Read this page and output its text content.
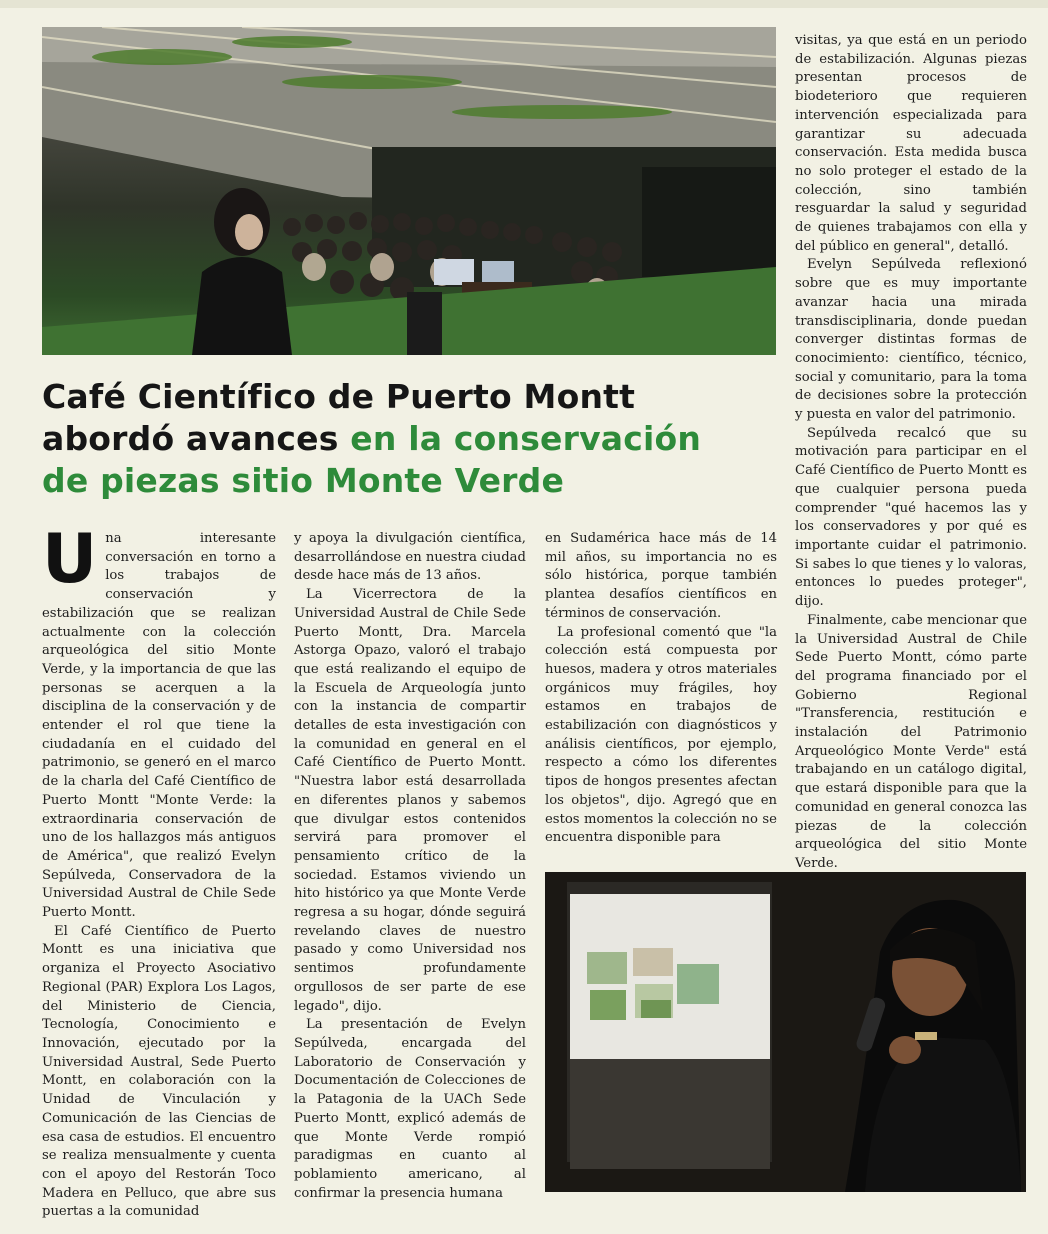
Café Científico de Puerto Montt
abordó avances en la conservación
de piezas sitio Monte Verde

Una interesante conversación en torno a los trabajos de conservación y estabilización que se realizan actualmente con la colección arqueológica del sitio Monte Verde, y la importancia de que las personas se acerquen a la disciplina de la conservación y de entender el rol que tiene la ciudadanía en el cuidado del patrimonio, se generó en el marco de la charla del Café Científico de Puerto Montt "Monte Verde: la extraordinaria conservación de uno de los hallazgos más antiguos de América", que realizó Evelyn Sepúlveda, Conservadora de la Universidad Austral de Chile Sede Puerto Montt.

El Café Científico de Puerto Montt es una iniciativa que organiza el Proyecto Asociativo Regional (PAR) Explora Los Lagos, del Ministerio de Ciencia, Tecnología, Conocimiento e Innovación, ejecutado por la Universidad Austral, Sede Puerto Montt, en colaboración con la Unidad de Vinculación y Comunicación de las Ciencias de esa casa de estudios. El encuentro se realiza mensualmente y cuenta con el apoyo del Restorán Toco Madera en Pelluco, que abre sus puertas a la comunidad

y apoya la divulgación científica, desarrollándose en nuestra ciudad desde hace más de 13 años.

La Vicerrectora de la Universidad Austral de Chile Sede Puerto Montt, Dra. Marcela Astorga Opazo, valoró el trabajo que está realizando el equipo de la Escuela de Arqueología junto con la instancia de compartir detalles de esta investigación con la comunidad en general en el Café Científico de Puerto Montt. "Nuestra labor está desarrollada en diferentes planos y sabemos que divulgar estos contenidos servirá para promover el pensamiento crítico de la sociedad. Estamos viviendo un hito histórico ya que Monte Verde regresa a su hogar, dónde seguirá revelando claves de nuestro pasado y como Universidad nos sentimos profundamente orgullosos de ser parte de ese legado", dijo.

La presentación de Evelyn Sepúlveda, encargada del Laboratorio de Conservación y Documentación de Colecciones de la Patagonia de la UACh Sede Puerto Montt, explicó además de que Monte Verde rompió paradigmas en cuanto al poblamiento americano, al confirmar la presencia humana

en Sudamérica hace más de 14 mil años, su importancia no es sólo histórica, porque también plantea desafíos científicos en términos de conservación.

La profesional comentó que "la colección está compuesta por huesos, madera y otros materiales orgánicos muy frágiles, hoy estamos en trabajos de estabilización con diagnósticos y análisis científicos, por ejemplo, respecto a cómo los diferentes tipos de hongos presentes afectan los objetos", dijo. Agregó que en estos momentos la colección no se encuentra disponible para

visitas, ya que está en un periodo de estabilización. Algunas piezas presentan procesos de biodeterioro que requieren intervención especializada para garantizar su adecuada conservación. Esta medida busca no solo proteger el estado de la colección, sino también resguardar la salud y seguridad de quienes trabajamos con ella y del público en general", detalló.

Evelyn Sepúlveda reflexionó sobre que es muy importante avanzar hacia una mirada transdisciplinaria, donde puedan converger distintas formas de conocimiento: científico, técnico, social y comunitario, para la toma de decisiones sobre la protección y puesta en valor del patrimonio.

Sepúlveda recalcó que su motivación para participar en el Café Científico de Puerto Montt es que cualquier persona pueda comprender "qué hacemos las y los conservadores y por qué es importante cuidar el patrimonio. Si sabes lo que tienes y lo valoras, entonces lo puedes proteger", dijo.

Finalmente, cabe mencionar que la Universidad Austral de Chile Sede Puerto Montt, cómo parte del programa financiado por el Gobierno Regional "Transferencia, restitución e instalación del Patrimonio Arqueológico Monte Verde" está trabajando en un catálogo digital, que estará disponible para que la comunidad en general conozca las piezas de la colección arqueológica del sitio Monte Verde.
